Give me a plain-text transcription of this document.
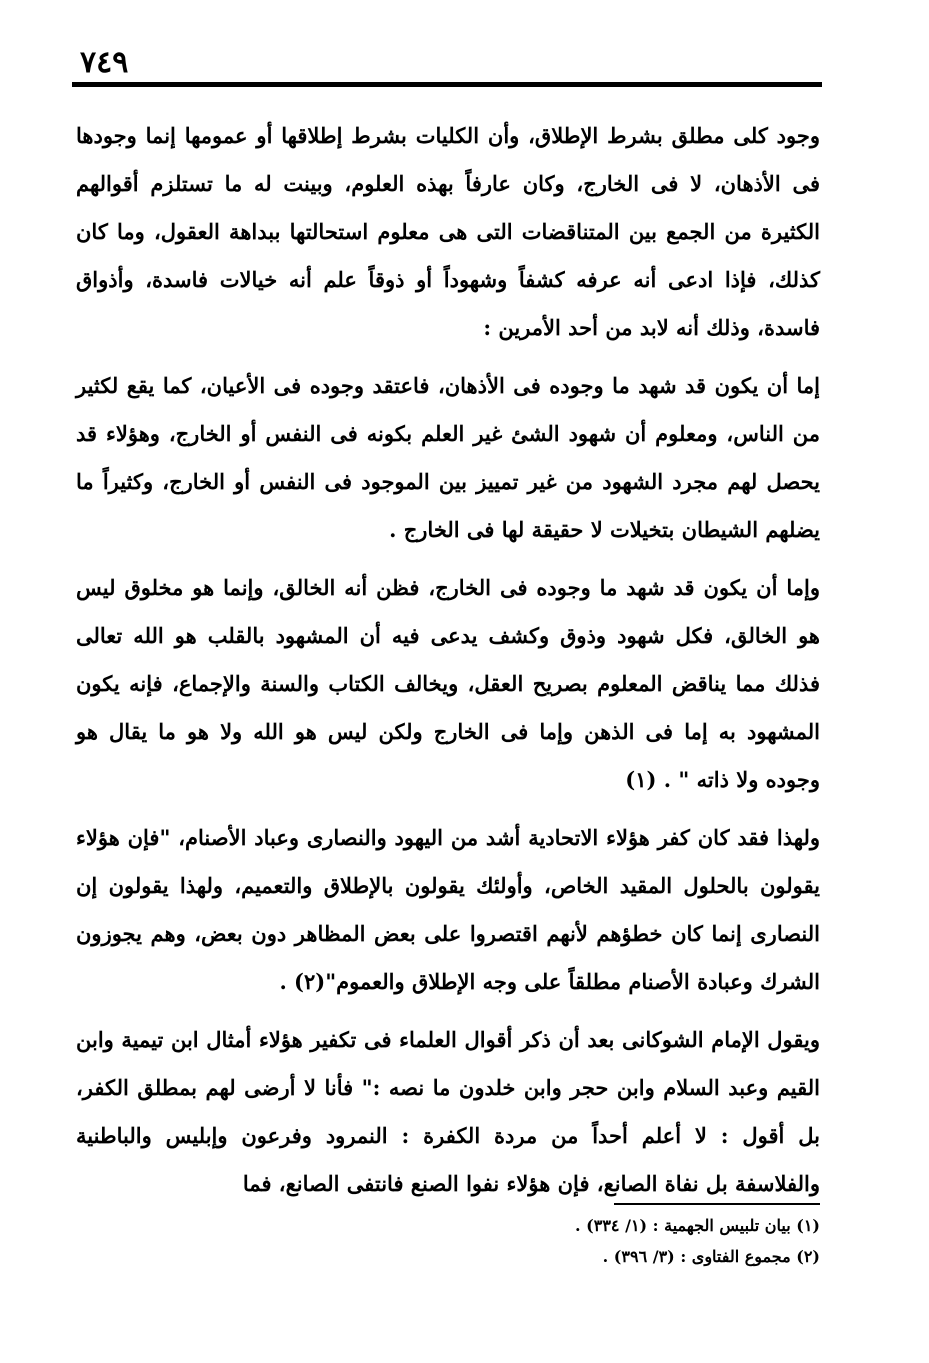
٧٤٩

وجود كلى مطلق بشرط الإطلاق، وأن الكليات بشرط إطلاقها أو عمومها إنما وجودها فى الأذهان، لا فى الخارج، وكان عارفاً بهذه العلوم، وبينت له ما تستلزم أقوالهم الكثيرة من الجمع بين المتناقضات التى هى معلوم استحالتها ببداهة العقول، وما كان كذلك، فإذا ادعى أنه عرفه كشفاً وشهوداً أو ذوقاً علم أنه خيالات فاسدة، وأذواق فاسدة، وذلك أنه لابد من أحد الأمرين :

إما أن يكون قد شهد ما وجوده فى الأذهان، فاعتقد وجوده فى الأعيان، كما يقع لكثير من الناس، ومعلوم أن شهود الشئ غير العلم بكونه فى النفس أو الخارج، وهؤلاء قد يحصل لهم مجرد الشهود من غير تمييز بين الموجود فى النفس أو الخارج، وكثيراً ما يضلهم الشيطان بتخيلات لا حقيقة لها فى الخارج .

وإما أن يكون قد شهد ما وجوده فى الخارج، فظن أنه الخالق، وإنما هو مخلوق ليس هو الخالق، فكل شهود وذوق وكشف يدعى فيه أن المشهود بالقلب هو الله تعالى فذلك مما يناقض المعلوم بصريح العقل، ويخالف الكتاب والسنة والإجماع، فإنه يكون المشهود به إما فى الذهن وإما فى الخارج ولكن ليس هو الله ولا هو ما يقال هو وجوده ولا ذاته " . (١)

ولهذا فقد كان كفر هؤلاء الاتحادية أشد من اليهود والنصارى وعباد الأصنام، "فإن هؤلاء يقولون بالحلول المقيد الخاص، وأولئك يقولون بالإطلاق والتعميم، ولهذا يقولون إن النصارى إنما كان خطؤهم لأنهم اقتصروا على بعض المظاهر دون بعض، وهم يجوزون الشرك وعبادة الأصنام مطلقاً على وجه الإطلاق والعموم"(٢) .

ويقول الإمام الشوكانى بعد أن ذكر أقوال العلماء فى تكفير هؤلاء أمثال ابن تيمية وابن القيم وعبد السلام وابن حجر وابن خلدون ما نصه :" فأنا لا أرضى لهم بمطلق الكفر، بل أقول : لا أعلم أحداً من مردة الكفرة : النمرود وفرعون وإبليس والباطنية والفلاسفة بل نفاة الصانع، فإن هؤلاء نفوا الصنع فانتفى الصانع، فما

(١) بيان تلبيس الجهمية : (١/ ٣٣٤) .

(٢) مجموع الفتاوى : (٣/ ٣٩٦) .
